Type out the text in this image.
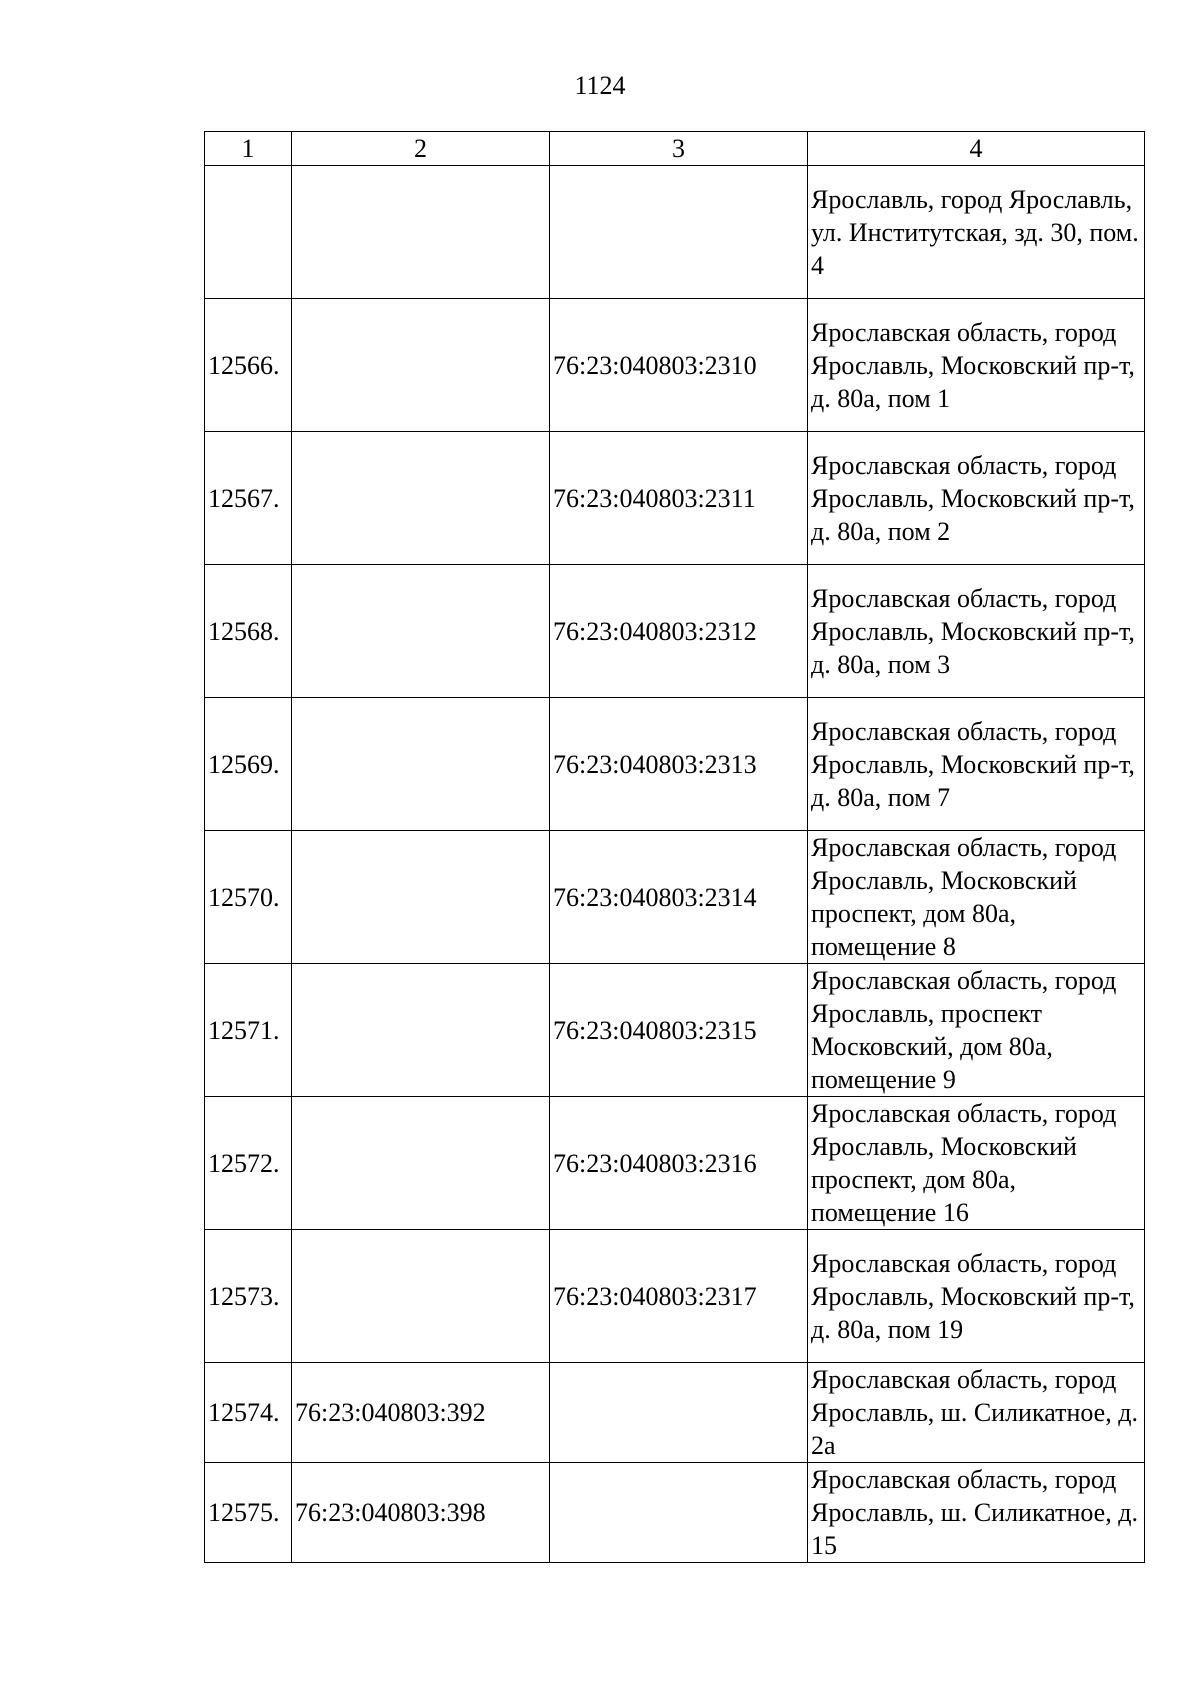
1124
1	2	3	4
			Ярославль, город Ярославль, ул. Институтская, зд. 30, пом. 4
12566.		76:23:040803:2310	Ярославская область, город Ярославль, Московский пр-т, д. 80а, пом 1
12567.		76:23:040803:2311	Ярославская область, город Ярославль, Московский пр-т, д. 80а, пом 2
12568.		76:23:040803:2312	Ярославская область, город Ярославль, Московский пр-т, д. 80а, пом 3
12569.		76:23:040803:2313	Ярославская область, город Ярославль, Московский пр-т, д. 80а, пом 7
12570.		76:23:040803:2314	Ярославская область, город Ярославль, Московский проспект, дом 80а, помещение 8
12571.		76:23:040803:2315	Ярославская область, город Ярославль, проспект Московский, дом 80а, помещение 9
12572.		76:23:040803:2316	Ярославская область, город Ярославль, Московский проспект, дом 80а, помещение 16
12573.		76:23:040803:2317	Ярославская область, город Ярославль, Московский пр-т, д. 80а, пом 19
12574.	76:23:040803:392		Ярославская область, город Ярославль, ш. Силикатное, д. 2а
12575.	76:23:040803:398		Ярославская область, город Ярославль, ш. Силикатное, д. 15
